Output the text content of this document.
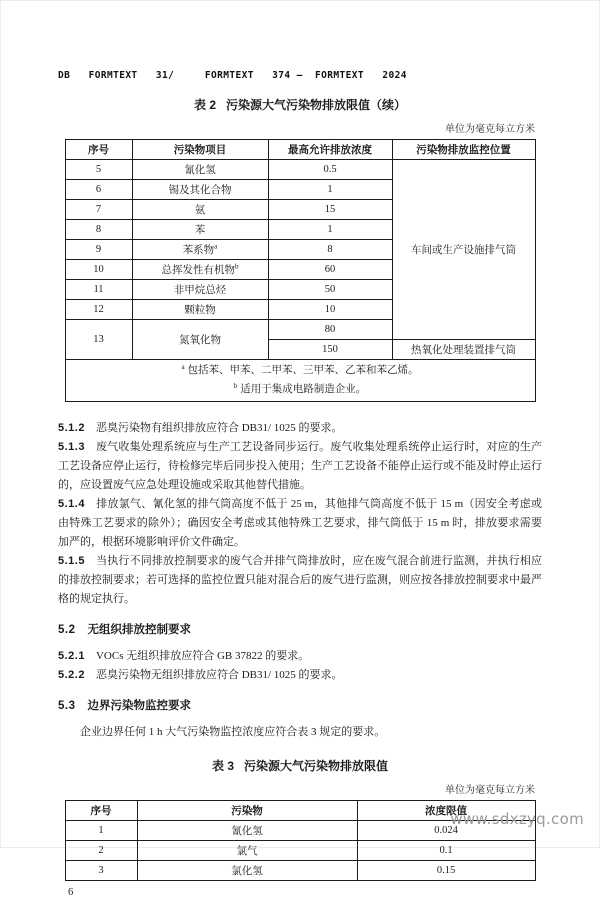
DB   FORMTEXT   31/     FORMTEXT   374 —  FORMTEXT   2024
表 2 污染源大气污染物排放限值（续）
单位为毫克每立方米
序号	污染物项目	最高允许排放浓度	污染物排放监控位置
5	氰化氢	0.5	车间或生产设施排气筒
6	锡及其化合物	1	
7	氨	15	
8	苯	1	
9	苯系物$^a$	8	
10	总挥发性有机物$^b$	60	
11	非甲烷总烃	50	
12	颗粒物	10	
13	氮氧化物	80	
		150	热氧化处理装置排气筒

$^a$ 包括苯、甲苯、二甲苯、三甲苯、乙苯和苯乙烯。
$^b$ 适用于集成电路制造企业。			

5.1.2 恶臭污染物有组织排放应符合 DB31/ 1025 的要求。

5.1.3 废气收集处理系统应与生产工艺设备同步运行。废气收集处理系统停止运行时，对应的生产工艺设备应停止运行，待检修完毕后同步投入使用；生产工艺设备不能停止运行或不能及时停止运行的，应设置废气应急处理设施或采取其他替代措施。

5.1.4 排放氯气、氰化氢的排气筒高度不低于 25 m，其他排气筒高度不低于 15 m（因安全考虑或由特殊工艺要求的除外）；确因安全考虑或其他特殊工艺要求，排气筒低于 15 m 时，排放要求需要加严的，根据环境影响评价文件确定。

5.1.5 当执行不同排放控制要求的废气合并排气筒排放时，应在废气混合前进行监测，并执行相应的排放控制要求；若可选择的监控位置只能对混合后的废气进行监测，则应按各排放控制要求中最严格的规定执行。

5.2 无组织排放控制要求

5.2.1 VOCs 无组织排放应符合 GB 37822 的要求。

5.2.2 恶臭污染物无组织排放应符合 DB31/ 1025 的要求。

5.3 边界污染物监控要求

企业边界任何 1 h 大气污染物监控浓度应符合表 3 规定的要求。

表 3 污染源大气污染物排放限值
单位为毫克每立方米
序号	污染物	浓度限值
1	氰化氢	0.024
2	氯气	0.1
3	氯化氢	0.15
6
www.sdxzyq.com
